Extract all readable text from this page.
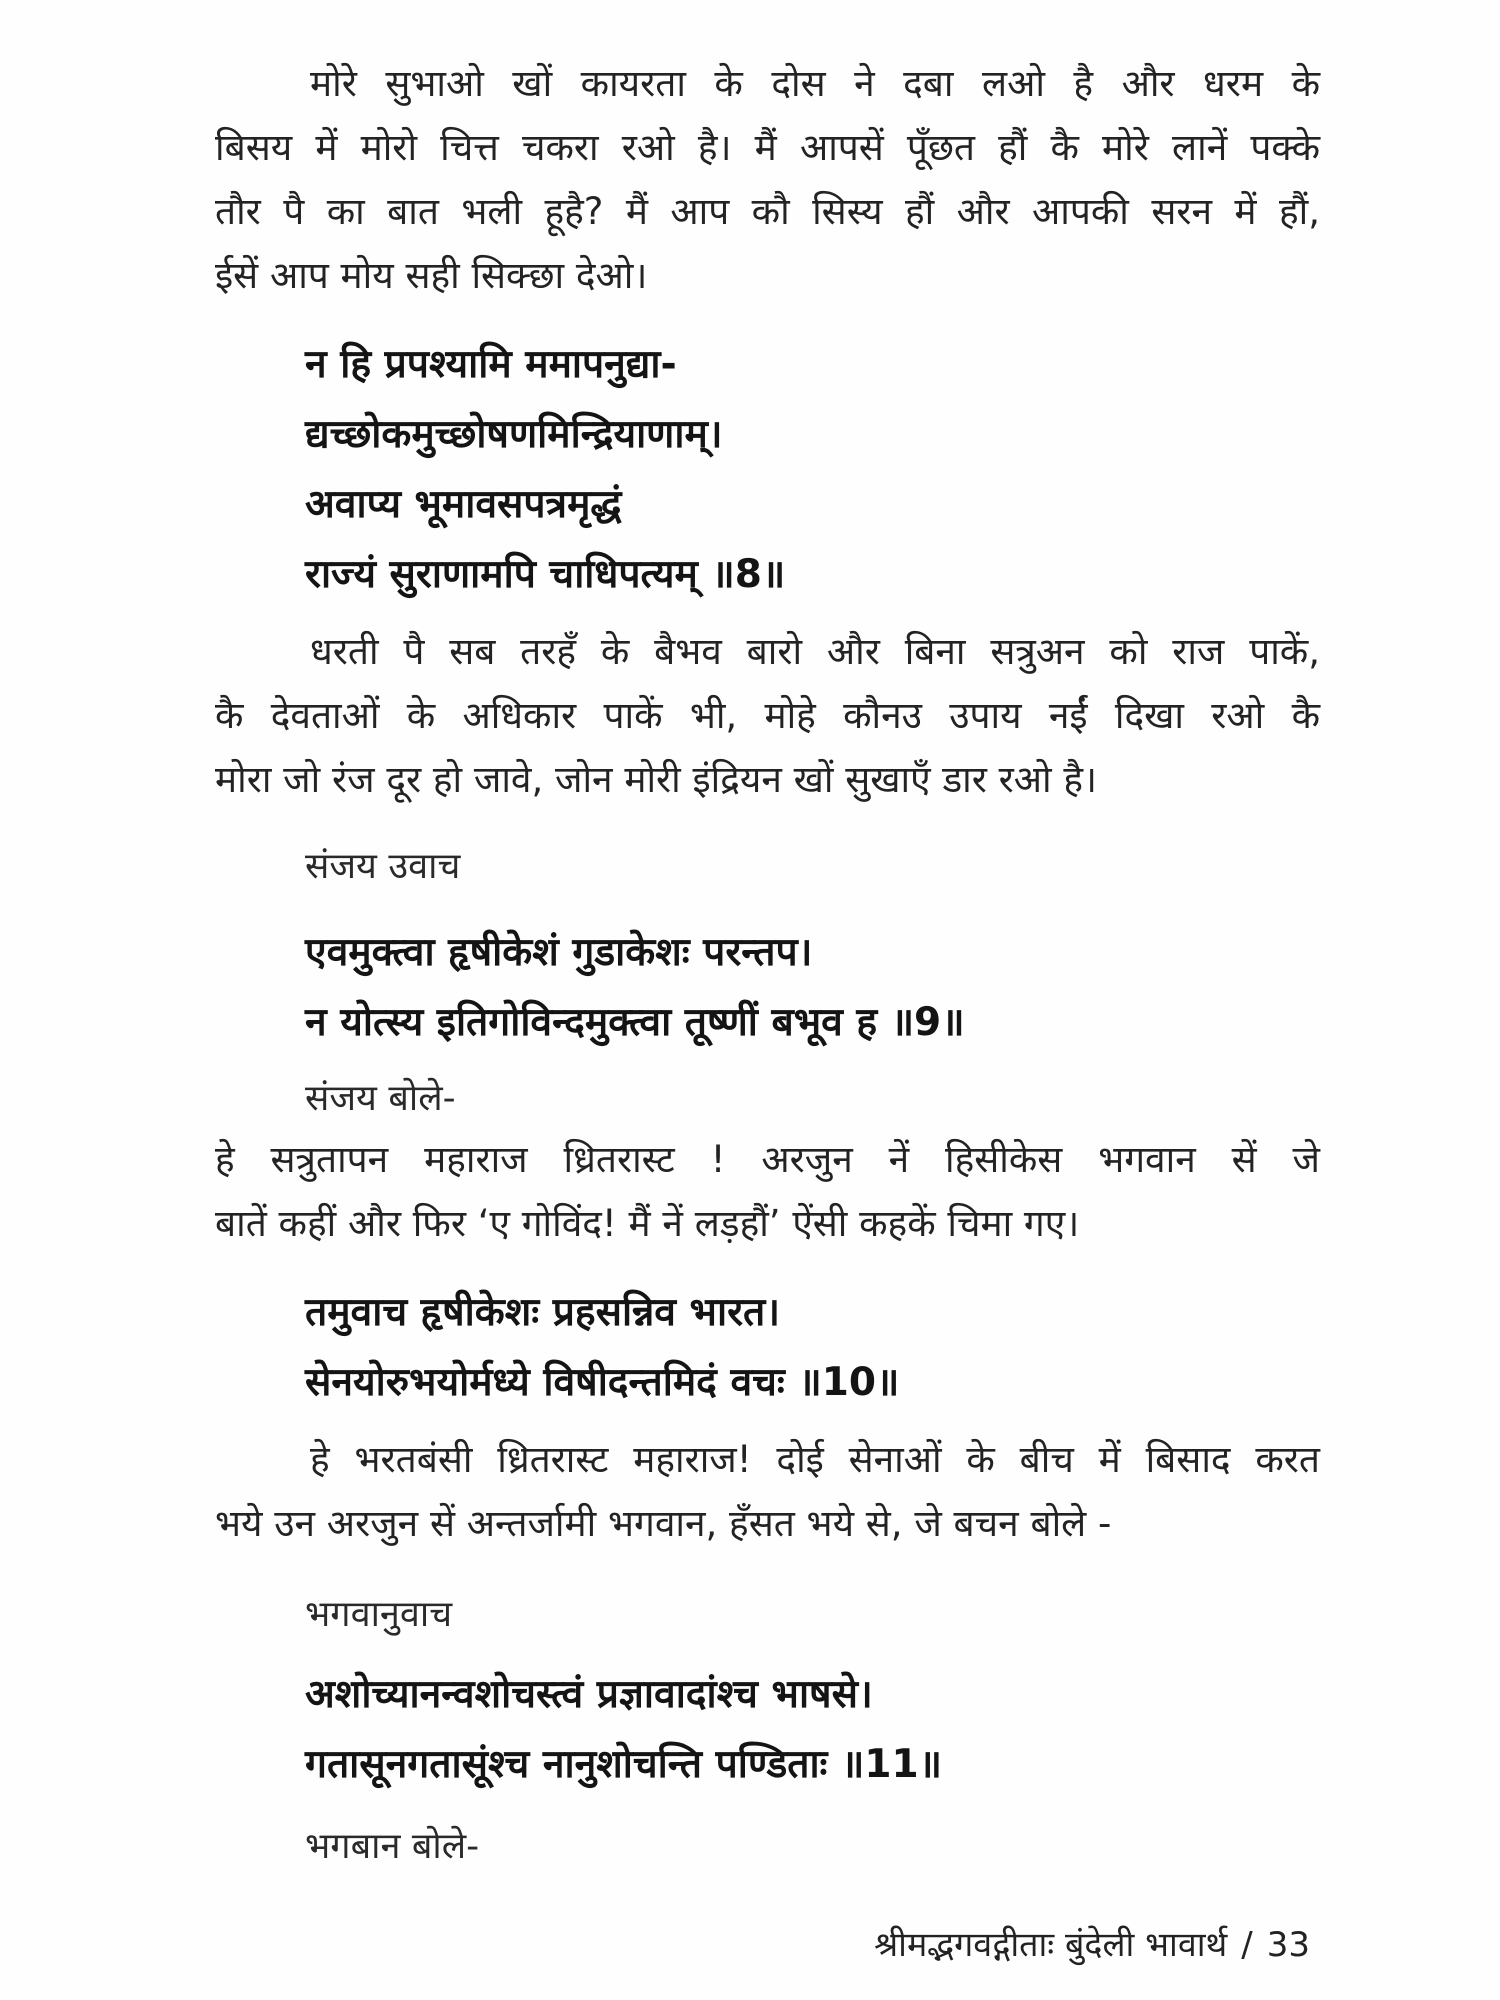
मोरे सुभाओ खों कायरता के दोस ने दबा लओ है और धरम के
बिसय में मोरो चित्त चकरा रओ है। मैं आपसें पूँछत हौं कै मोरे लानें पक्के
तौर पै का बात भली हूहै? मैं आप कौ सिस्य हौं और आपकी सरन में हौं,
ईसें आप मोय सही सिक्छा देओ।
न हि प्रपश्यामि ममापनुद्या-
द्यच्छोकमुच्छोषणमिन्द्रियाणाम्।
अवाप्य भूमावसपत्रमृद्धं
राज्यं सुराणामपि चाधिपत्यम् ॥8॥
धरती पै सब तरहँ के बैभव बारो और बिना सत्रुअन को राज पाकें,
कै देवताओं के अधिकार पाकें भी, मोहे कौनउ उपाय नईं दिखा रओ कै
मोरा जो रंज दूर हो जावे, जोन मोरी इंद्रियन खों सुखाएँ डार रओ है।
संजय उवाच
एवमुक्त्वा हृषीकेशं गुडाकेशः परन्तप।
न योत्स्य इतिगोविन्दमुक्त्वा तूष्णीं बभूव ह ॥9॥
संजय बोले-
हे सत्रुतापन महाराज ध्रितरास्ट ! अरजुन नें हिसीकेस भगवान सें जे
बातें कहीं और फिर ‘ए गोविंद! मैं नें लड़हौं’ ऐंसी कहकें चिमा गए।
तमुवाच हृषीकेशः प्रहसन्निव भारत।
सेनयोरुभयोर्मध्ये विषीदन्तमिदं वचः ॥10॥
हे भरतबंसी ध्रितरास्ट महाराज! दोई सेनाओं के बीच में बिसाद करत
भये उन अरजुन सें अन्तर्जामी भगवान, हँसत भये से, जे बचन बोले -
भगवानुवाच
अशोच्यानन्वशोचस्त्वं प्रज्ञावादांश्च भाषसे।
गतासूनगतासूंश्च नानुशोचन्ति पण्डिताः ॥11॥
भगबान बोले-
श्रीमद्भगवद्गीताः बुंदेली भावार्थ / 33
